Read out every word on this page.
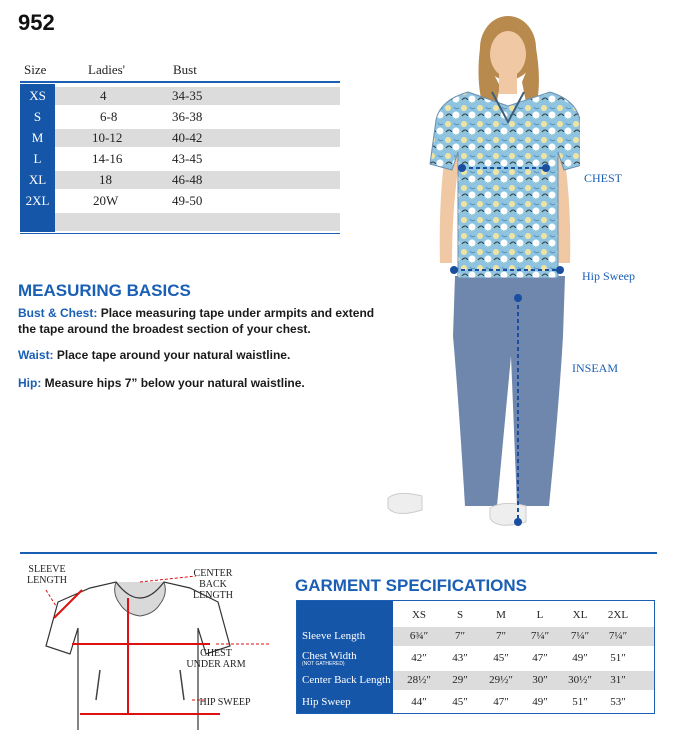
952
Size	Ladies'	Bust
XS	4	34-35
S	6-8	36-38
M	10-12	40-42
L	14-16	43-45
XL	18	46-48
2XL	20W	49-50
MEASURING BASICS
Bust & Chest: Place measuring tape under armpits and extend the tape around the broadest section of your chest.
Waist: Place tape around your natural waistline.
Hip: Measure hips 7” below your natural waistline.
CHEST
Hip Sweep
INSEAM
SLEEVE LENGTH
CENTER BACK LENGTH
CHEST UNDER ARM
HIP SWEEP
GARMENT SPECIFICATIONS
XS	S	M	L	XL	2XL
Sleeve Length	6¾″	7″	7″	7¼″	7¼″	7¼″
Chest Width
(NOT GATHERED)	42″	43″	45″	47″	49″	51″
Center Back Length	28½″	29″	29½″	30″	30½″	31″
Hip Sweep	44″	45″	47″	49″	51″	53″
